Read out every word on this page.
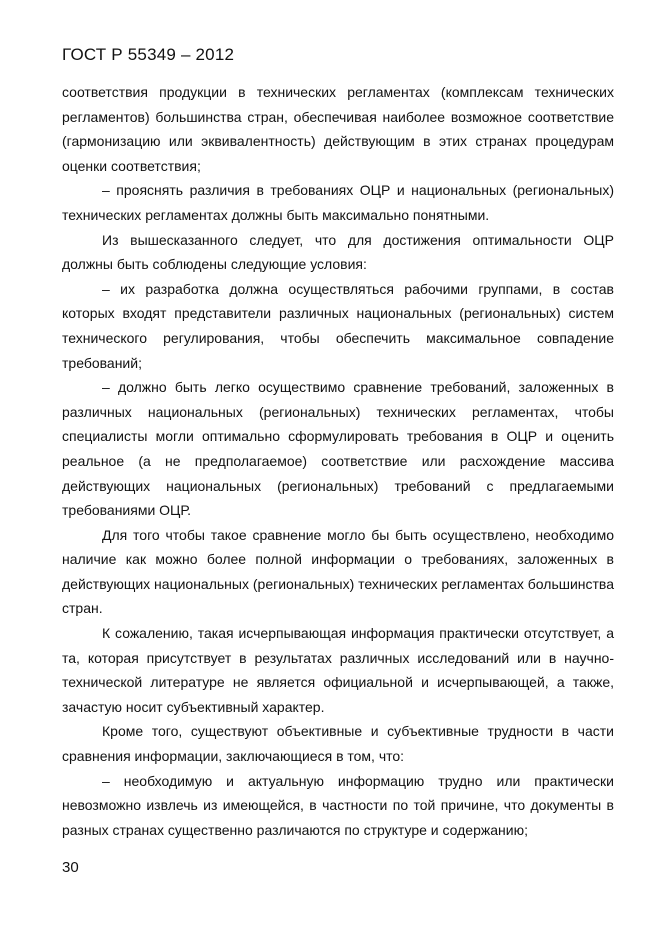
ГОСТ Р 55349 – 2012

соответствия продукции в технических регламентах (комплексам технических регламентов) большинства стран, обеспечивая наиболее возможное соответствие (гармонизацию или эквивалентность) действующим в этих странах процедурам оценки соответствия;

– прояснять различия в требованиях ОЦР и национальных (региональных) технических регламентах должны быть максимально понятными.

Из вышесказанного следует, что для достижения оптимальности ОЦР должны быть соблюдены следующие условия:

– их разработка должна осуществляться рабочими группами, в состав которых входят представители различных национальных (региональных) систем технического регулирования, чтобы обеспечить максимальное совпадение требований;

– должно быть легко осуществимо сравнение требований, заложенных в различных национальных (региональных) технических регламентах, чтобы специалисты могли оптимально сформулировать требования в ОЦР и оценить реальное (а не предполагаемое) соответствие или расхождение массива действующих национальных (региональных) требований с предлагаемыми требованиями ОЦР.

Для того чтобы такое сравнение могло бы быть осуществлено, необходимо наличие как можно более полной информации о требованиях, заложенных в действующих национальных (региональных) технических регламентах большинства стран.

К сожалению, такая исчерпывающая информация практически отсутствует, а та, которая присутствует в результатах различных исследований или в научно-технической литературе не является официальной и исчерпывающей, а также, зачастую носит субъективный характер.

Кроме того, существуют объективные и субъективные трудности в части сравнения информации, заключающиеся в том, что:

– необходимую и актуальную информацию трудно или практически невозможно извлечь из имеющейся, в частности по той причине, что документы в разных странах существенно различаются по структуре и содержанию;

30
